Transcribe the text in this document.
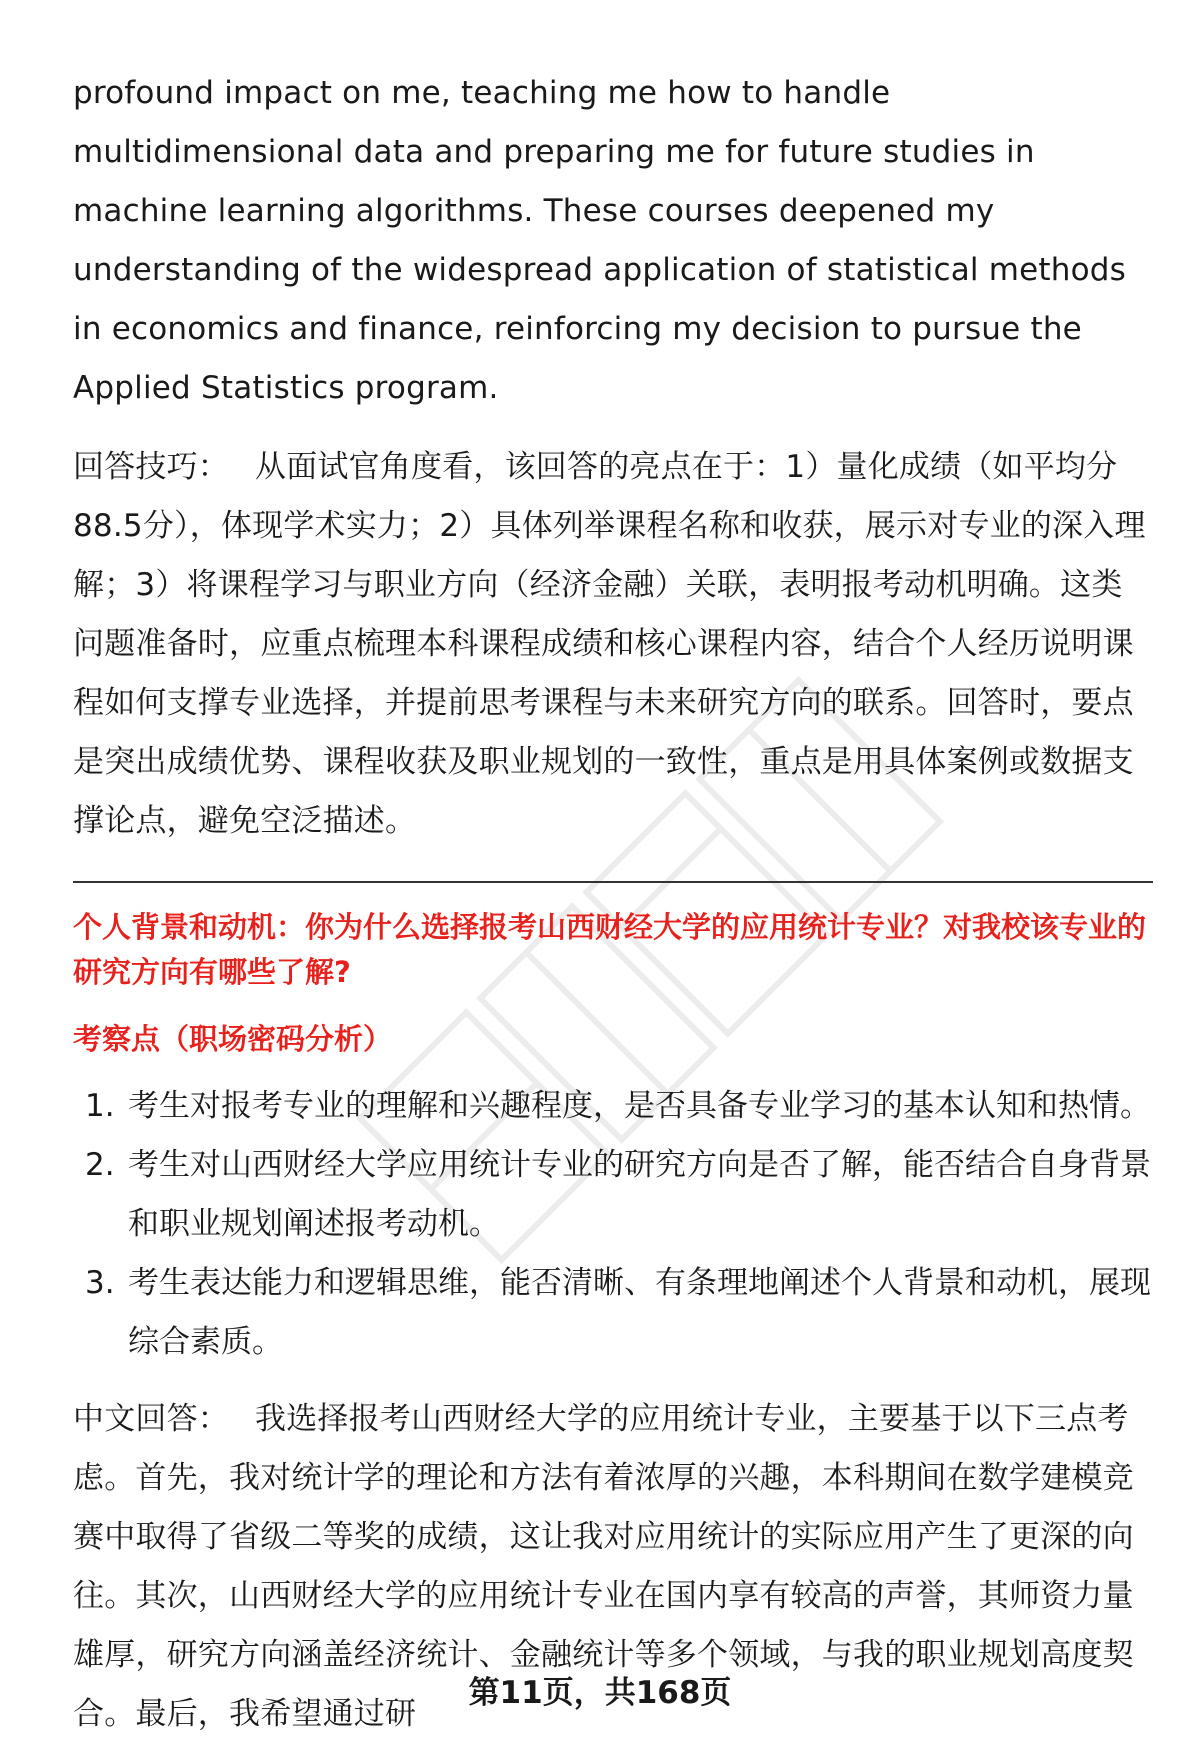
profound impact on me, teaching me how to handle multidimensional data and preparing me for future studies in machine learning algorithms. These courses deepened my understanding of the widespread application of statistical methods in economics and finance, reinforcing my decision to pursue the Applied Statistics program.

回答技巧： 从面试官角度看，该回答的亮点在于：1）量化成绩（如平均分88.5分），体现学术实力；2）具体列举课程名称和收获，展示对专业的深入理解；3）将课程学习与职业方向（经济金融）关联，表明报考动机明确。这类问题准备时，应重点梳理本科课程成绩和核心课程内容，结合个人经历说明课程如何支撑专业选择，并提前思考课程与未来研究方向的联系。回答时，要点是突出成绩优势、课程收获及职业规划的一致性，重点是用具体案例或数据支撑论点，避免空泛描述。

个人背景和动机：你为什么选择报考山西财经大学的应用统计专业？对我校该专业的研究方向有哪些了解?

考察点（职场密码分析）

1. 考生对报考专业的理解和兴趣程度，是否具备专业学习的基本认知和热情。
2. 考生对山西财经大学应用统计专业的研究方向是否了解，能否结合自身背景和职业规划阐述报考动机。
3. 考生表达能力和逻辑思维，能否清晰、有条理地阐述个人背景和动机，展现综合素质。

中文回答： 我选择报考山西财经大学的应用统计专业，主要基于以下三点考虑。首先，我对统计学的理论和方法有着浓厚的兴趣，本科期间在数学建模竞赛中取得了省级二等奖的成绩，这让我对应用统计的实际应用产生了更深的向往。其次，山西财经大学的应用统计专业在国内享有较高的声誉，其师资力量雄厚，研究方向涵盖经济统计、金融统计等多个领域，与我的职业规划高度契合。最后，我希望通过研

第11页，共168页
